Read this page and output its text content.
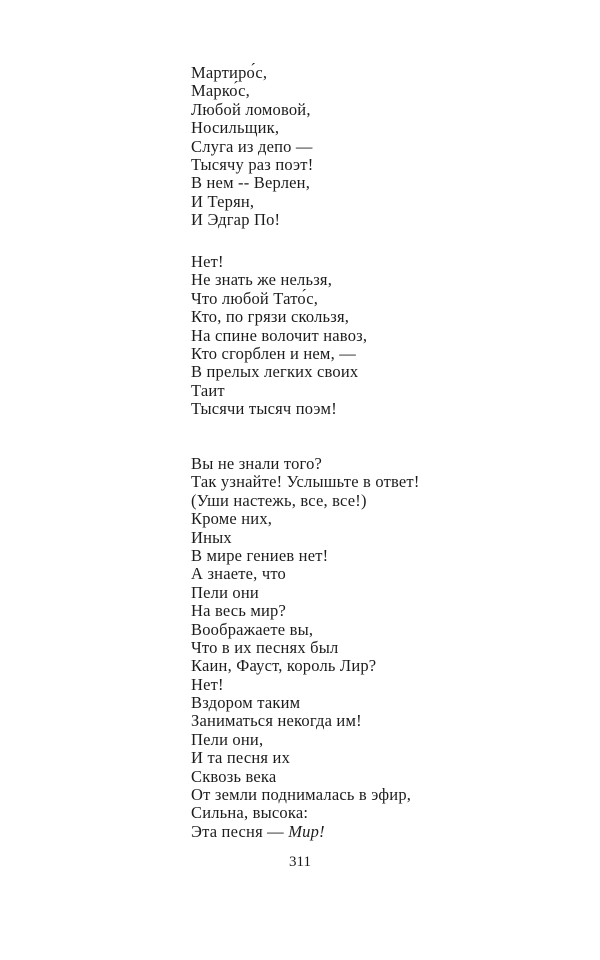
Мартиро́с,
Марко́с,
Любой ломовой,
Носильщик,
Слуга из депо —
Тысячу раз поэт!
В нем -- Верлен,
И Терян,
И Эдгар По!
Нет!
Не знать же нельзя,
Что любой Тато́с,
Кто, по грязи скользя,
На спине волочит навоз,
Кто сгорблен и нем, —
В прелых легких своих
Таит
Тысячи тысяч поэм!
Вы не знали того?
Так узнайте! Услышьте в ответ!
(Уши настежь, все, все!)
Кроме них,
Иных
В мире гениев нет!
А знаете, что
Пели они
На весь мир?
Воображаете вы,
Что в их песнях был
Каин, Фауст, король Лир?
Нет!
Вздором таким
Заниматься некогда им!
Пели они,
И та песня их
Сквозь века
От земли поднималась в эфир,
Сильна, высока:
Эта песня — Мир!
311
